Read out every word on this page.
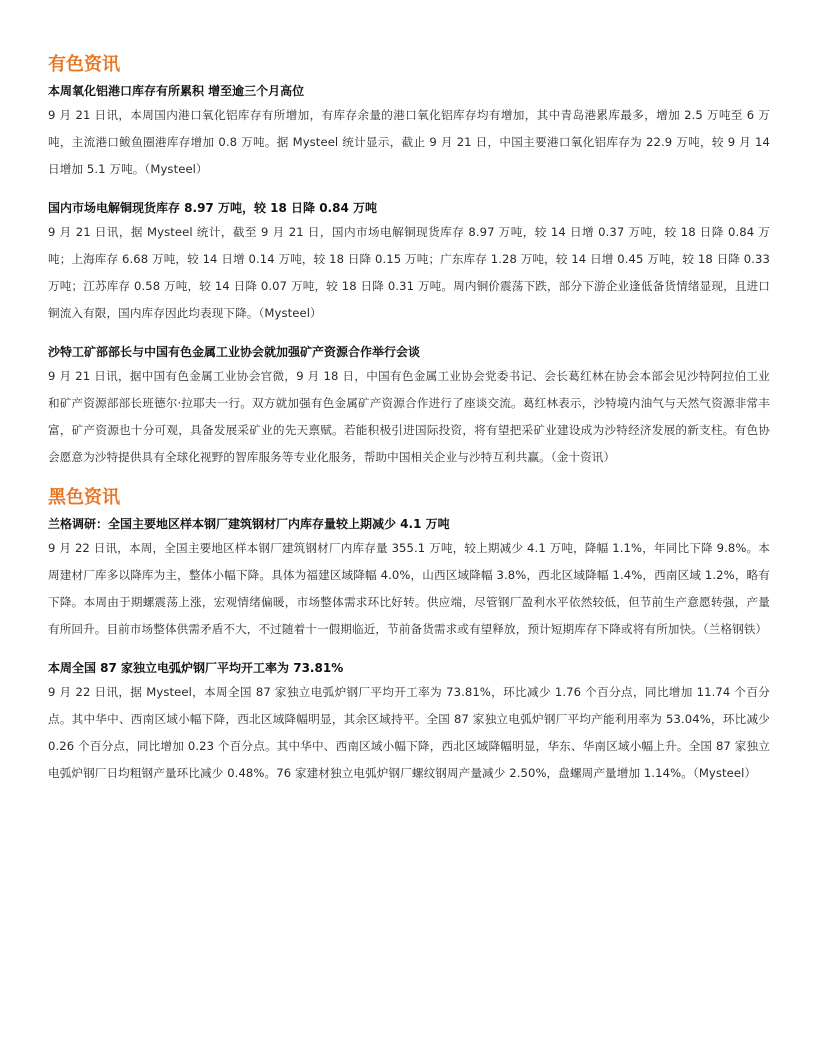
有色资讯

本周氧化铝港口库存有所累积 增至逾三个月高位

9 月 21 日讯，本周国内港口氧化铝库存有所增加，有库存余量的港口氧化铝库存均有增加，其中青岛港累库最多，增加 2.5 万吨至 6 万吨，主流港口鲅鱼圈港库存增加 0.8 万吨。据 Mysteel 统计显示，截止 9 月 21 日，中国主要港口氧化铝库存为 22.9 万吨，较 9 月 14 日增加 5.1 万吨。（Mysteel）

国内市场电解铜现货库存 8.97 万吨，较 18 日降 0.84 万吨

9 月 21 日讯，据 Mysteel 统计，截至 9 月 21 日，国内市场电解铜现货库存 8.97 万吨，较 14 日增 0.37 万吨，较 18 日降 0.84 万吨；上海库存 6.68 万吨，较 14 日增 0.14 万吨，较 18 日降 0.15 万吨；广东库存 1.28 万吨，较 14 日增 0.45 万吨，较 18 日降 0.33 万吨；江苏库存 0.58 万吨，较 14 日降 0.07 万吨，较 18 日降 0.31 万吨。周内铜价震荡下跌，部分下游企业逢低备货情绪显现，且进口铜流入有限，国内库存因此均表现下降。（Mysteel）

沙特工矿部部长与中国有色金属工业协会就加强矿产资源合作举行会谈

9 月 21 日讯，据中国有色金属工业协会官微，9 月 18 日，中国有色金属工业协会党委书记、会长葛红林在协会本部会见沙特阿拉伯工业和矿产资源部部长班德尔·拉耶夫一行。双方就加强有色金属矿产资源合作进行了座谈交流。葛红林表示，沙特境内油气与天然气资源非常丰富，矿产资源也十分可观，具备发展采矿业的先天禀赋。若能积极引进国际投资，将有望把采矿业建设成为沙特经济发展的新支柱。有色协会愿意为沙特提供具有全球化视野的智库服务等专业化服务，帮助中国相关企业与沙特互利共赢。（金十资讯）

黑色资讯

兰格调研：全国主要地区样本钢厂建筑钢材厂内库存量较上期减少 4.1 万吨

9 月 22 日讯，本周，全国主要地区样本钢厂建筑钢材厂内库存量 355.1 万吨，较上期减少 4.1 万吨，降幅 1.1%，年同比下降 9.8%。本周建材厂库多以降库为主，整体小幅下降。具体为福建区域降幅 4.0%，山西区域降幅 3.8%，西北区域降幅 1.4%，西南区域 1.2%，略有下降。本周由于期螺震荡上涨，宏观情绪偏暖，市场整体需求环比好转。供应端，尽管钢厂盈利水平依然较低，但节前生产意愿转强，产量有所回升。目前市场整体供需矛盾不大，不过随着十一假期临近，节前备货需求或有望释放，预计短期库存下降或将有所加快。（兰格钢铁）

本周全国 87 家独立电弧炉钢厂平均开工率为 73.81%

9 月 22 日讯，据 Mysteel，本周全国 87 家独立电弧炉钢厂平均开工率为 73.81%，环比减少 1.76 个百分点，同比增加 11.74 个百分点。其中华中、西南区域小幅下降，西北区域降幅明显，其余区域持平。全国 87 家独立电弧炉钢厂平均产能利用率为 53.04%，环比减少 0.26 个百分点，同比增加 0.23 个百分点。其中华中、西南区域小幅下降，西北区域降幅明显，华东、华南区域小幅上升。全国 87 家独立电弧炉钢厂日均粗钢产量环比减少 0.48%。76 家建材独立电弧炉钢厂螺纹钢周产量减少 2.50%，盘螺周产量增加 1.14%。（Mysteel）
